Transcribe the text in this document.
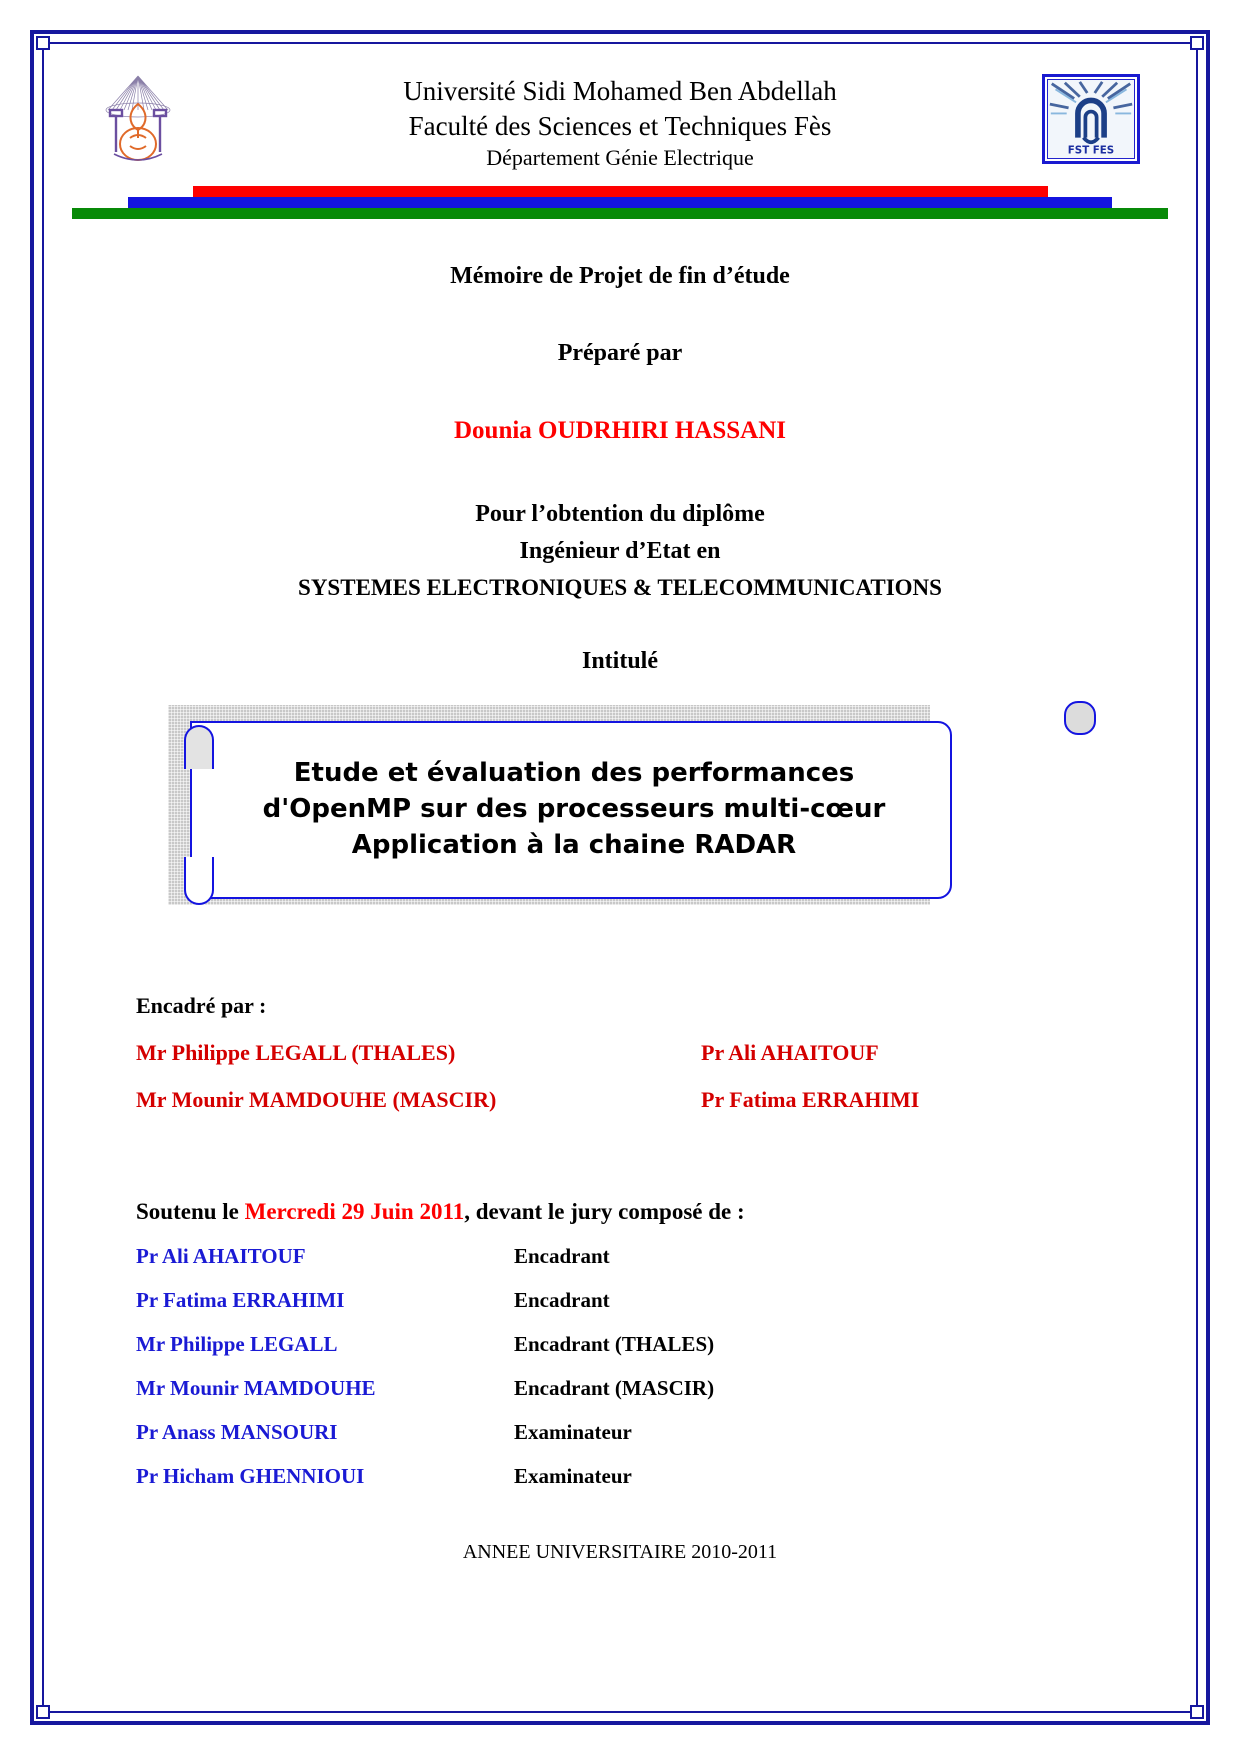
Université Sidi Mohamed Ben Abdellah
Faculté des Sciences et Techniques Fès
Département Génie Electrique	FST FES
Mémoire de Projet de fin d’étude
Préparé par
Dounia OUDRHIRI HASSANI
Pour l’obtention du diplôme
Ingénieur d’Etat en
SYSTEMES ELECTRONIQUES & TELECOMMUNICATIONS
Intitulé
Etude et évaluation des performances
d'OpenMP sur des processeurs multi-cœur
Application à la chaine RADAR
Encadré par :
Mr Philippe LEGALL (THALES)	Pr Ali AHAITOUF
Mr Mounir MAMDOUHE (MASCIR)	Pr Fatima ERRAHIMI
Soutenu le Mercredi 29 Juin 2011, devant le jury composé de :
Pr Ali AHAITOUF	Encadrant
Pr Fatima ERRAHIMI	Encadrant
Mr Philippe LEGALL	Encadrant (THALES)
Mr Mounir MAMDOUHE	Encadrant (MASCIR)
Pr Anass MANSOURI	Examinateur
Pr Hicham GHENNIOUI	Examinateur
ANNEE UNIVERSITAIRE 2010-2011
